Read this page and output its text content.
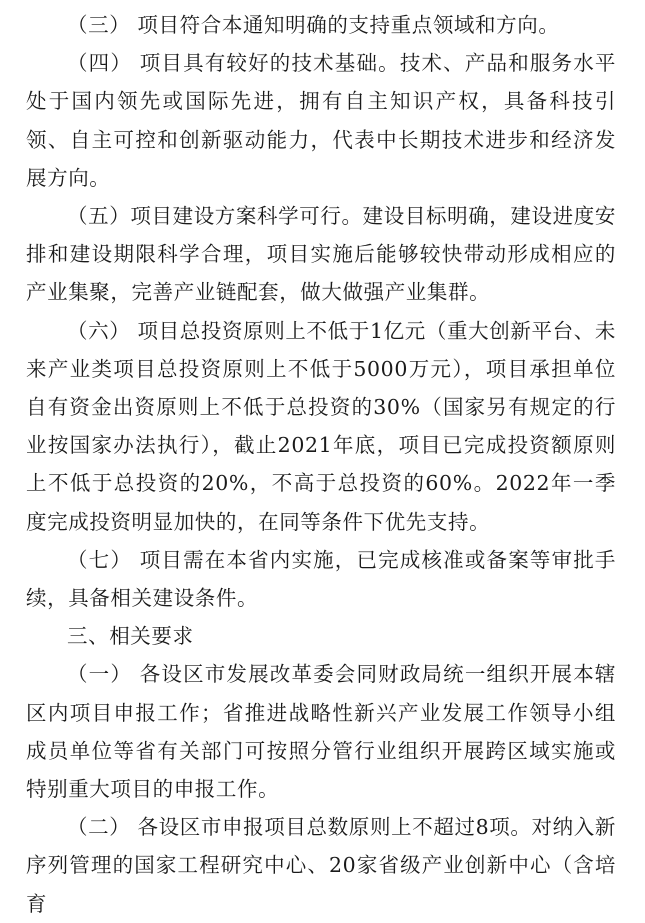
（三） 项目符合本通知明确的支持重点领域和方向。

（四） 项目具有较好的技术基础。技术、产品和服务水平处于国内领先或国际先进，拥有自主知识产权，具备科技引领、自主可控和创新驱动能力，代表中长期技术进步和经济发展方向。

（五）项目建设方案科学可行。建设目标明确，建设进度安排和建设期限科学合理，项目实施后能够较快带动形成相应的产业集聚，完善产业链配套，做大做强产业集群。

（六） 项目总投资原则上不低于1亿元（重大创新平台、未来产业类项目总投资原则上不低于5000万元），项目承担单位自有资金出资原则上不低于总投资的30%（国家另有规定的行业按国家办法执行），截止2021年底，项目已完成投资额原则上不低于总投资的20%，不高于总投资的60%。2022年一季度完成投资明显加快的，在同等条件下优先支持。

（七） 项目需在本省内实施，已完成核准或备案等审批手续，具备相关建设条件。

三、相关要求

（一） 各设区市发展改革委会同财政局统一组织开展本辖区内项目申报工作；省推进战略性新兴产业发展工作领导小组成员单位等省有关部门可按照分管行业组织开展跨区域实施或特别重大项目的申报工作。

（二） 各设区市申报项目总数原则上不超过8项。对纳入新序列管理的国家工程研究中心、20家省级产业创新中心（含培育
